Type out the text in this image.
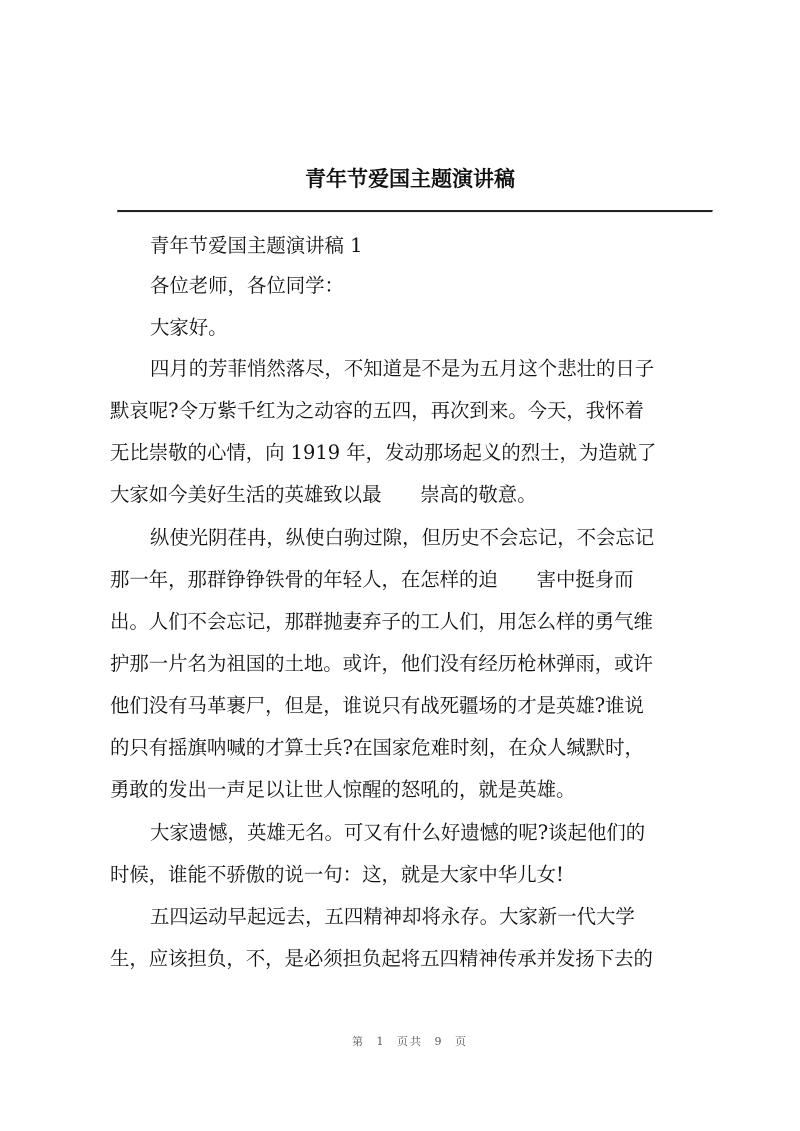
青年节爱国主题演讲稿

青年节爱国主题演讲稿 1

各位老师，各位同学：

大家好。

四月的芳菲悄然落尽，不知道是不是为五月这个悲壮的日子

默哀呢?令万紫千红为之动容的五四，再次到来。今天，我怀着

无比崇敬的心情，向 1919 年，发动那场起义的烈士，为造就了

大家如今美好生活的英雄致以最　　崇高的敬意。

纵使光阴荏冉，纵使白驹过隙，但历史不会忘记，不会忘记

那一年，那群铮铮铁骨的年轻人，在怎样的迫　　害中挺身而

出。人们不会忘记，那群抛妻弃子的工人们，用怎么样的勇气维

护那一片名为祖国的土地。或许，他们没有经历枪林弹雨，或许

他们没有马革裹尸，但是，谁说只有战死疆场的才是英雄?谁说

的只有摇旗呐喊的才算士兵?在国家危难时刻，在众人缄默时，

勇敢的发出一声足以让世人惊醒的怒吼的，就是英雄。

大家遗憾，英雄无名。可又有什么好遗憾的呢?谈起他们的

时候，谁能不骄傲的说一句：这，就是大家中华儿女!

五四运动早起远去，五四精神却将永存。大家新一代大学

生，应该担负，不，是必须担负起将五四精神传承并发扬下去的

第 1 页共 9 页
